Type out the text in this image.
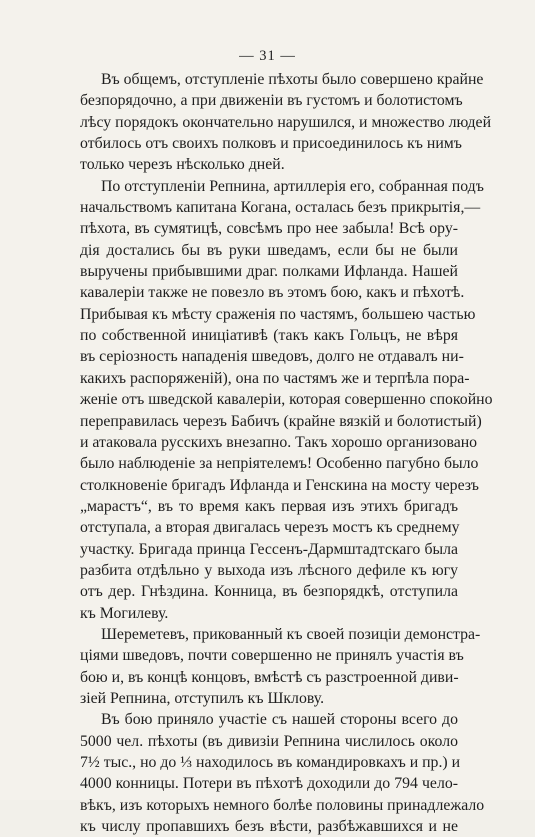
— 31 —
Въ общемъ, отступленіе пѣхоты было совершено крайне
безпорядочно, а при движеніи въ густомъ и болотистомъ
лѣсу порядокъ окончательно нарушился, и множество людей
отбилось отъ своихъ полковъ и присоединилось къ нимъ
только черезъ нѣсколько дней.
По отступленіи Репнина, артиллерія его, собранная подъ
начальствомъ капитана Когана, осталась безъ прикрытія,—
пѣхота, въ сумятицѣ, совсѣмъ про нее забыла! Всѣ ору-
дія достались бы въ руки шведамъ, если бы не были
выручены прибывшими драг. полками Ифланда. Нашей
кавалеріи также не повезло въ этомъ бою, какъ и пѣхотѣ.
Прибывая къ мѣсту сраженія по частямъ, большею частью
по собственной иниціативѣ (такъ какъ Гольцъ, не вѣря
въ серіозность нападенія шведовъ, долго не отдавалъ ни-
какихъ распоряженій), она по частямъ же и терпѣла пора-
женіе отъ шведской кавалеріи, которая совершенно спокойно
переправилась черезъ Бабичъ (крайне вязкій и болотистый)
и атаковала русскихъ внезапно. Такъ хорошо организовано
было наблюденіе за непріятелемъ! Особенно пагубно было
столкновеніе бригадъ Ифланда и Генскина на мосту черезъ
„марастъ“, въ то время какъ первая изъ этихъ бригадъ
отступала, а вторая двигалась черезъ мостъ къ среднему
участку. Бригада принца Гессенъ-Дармштадтскаго была
разбита отдѣльно у выхода изъ лѣсного дефиле къ югу
отъ дер. Гнѣздина. Конница, въ безпорядкѣ, отступила
къ Могилеву.
Шереметевъ, прикованный къ своей позиціи демонстра-
ціями шведовъ, почти совершенно не принялъ участія въ
бою и, въ концѣ концовъ, вмѣстѣ съ разстроенной диви-
зіей Репнина, отступилъ къ Шклову.
Въ бою приняло участіе съ нашей стороны всего до
5000 чел. пѣхоты (въ дивизіи Репнина числилось около
7½ тыс., но до ⅓ находилось въ командировкахъ и пр.) и
4000 конницы. Потери въ пѣхотѣ доходили до 794 чело-
вѣкъ, изъ которыхъ немного болѣе половины принадлежало
къ числу пропавшихъ безъ вѣсти, разбѣжавшихся и не
